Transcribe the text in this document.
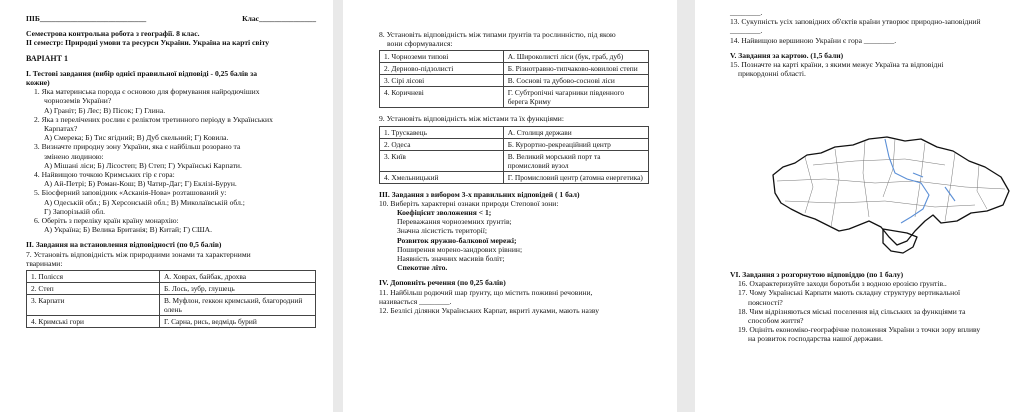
ПІБ____________________________	Клас_______________
Семестрова контрольна робота з географії. 8 клас.
ІІ семестр: Природні умови та ресурси України. Україна на карті світу
ВАРІАНТ 1
І. Тестові завдання (вибір однієї правильної відповіді - 0,25 балів за
кожне)
1. Яка материнська порода є основою для формування найродючіших
чорноземів України?
А) Граніт; Б) Лес; В) Пісок; Г) Глина.
2. Яка з перелічених рослин є реліктом третинного періоду в Українських
Карпатах?
А) Смерека; Б) Тис ягідний; В) Дуб скельний; Г) Ковила.
3. Визначте природну зону України, яка є найбільш розорано та
змінено людиною:
А) Мішані ліси; Б) Лісостеп; В) Степ; Г) Українські Карпати.
4. Найвищою точкою Кримських гір є гора:
А) Ай-Петрі; Б) Роман-Кош; В) Чатир-Даг; Г) Еклізі-Бурун.
5. Біосферний заповідник «Асканія-Нова» розташований у:
А) Одеській обл.; Б) Херсонській обл.; В) Миколаївській обл.;
Г) Запорізькій обл.
6. Оберіть з переліку країн країну монархію:
А) Україна; Б) Велика Британія; В) Китай; Г) США.
ІІ. Завдання на встановлення відповідності (по 0,5 балів)
7. Установіть відповідність між природними зонами та характерними
тваринами:
1. Полісся	А. Ховрах, байбак, дрохва
2. Степ	Б. Лось, зубр, глушець
3. Карпати	В. Муфлон, геккон кримський, благородний олень
4. Кримські гори	Г. Сарна, рись, ведмідь бурий
8. Установіть відповідність між типами ґрунтів та рослинністю, під якою
вони сформувалися:
1. Чорноземи типові	А. Широколисті ліси (бук, граб, дуб)
2. Дерново-підзолисті	Б. Різнотравно-типчаково-ковилові степи
3. Сірі лісові	В. Соснові та дубово-соснові ліси
4. Коричневі	Г. Субтропічні чагарники південного берега Криму
9. Установіть відповідність між містами та їх функціями:
1. Трускавець	А. Столиця держави
2. Одеса	Б. Курортно-рекреаційний центр
3. Київ	В. Великий морський порт та промисловий вузол
4. Хмельницький	Г. Промисловий центр (атомна енергетика)
ІІІ. Завдання з вибором 3-х правильних відповідей ( 1 бал)
10. Виберіть характерні ознаки природи Степової зони:
Коефіцієнт зволоження < 1;
Переважання чорноземних ґрунтів;
Значна лісистість території;
Розвиток яружно-балкової мережі;
Поширення морено-зандрових рівнин;
Наявність значних масивів боліт;
Спекотне літо.
IV. Доповніть речення (по 0,25 балів)
11. Найбільш родючий шар ґрунту, що містить поживні речовини,
називається ________.
12. Безлісі ділянки Українських Карпат, вкриті луками, мають назву
________.
13. Сукупність усіх заповідних об'єктів країни утворює природно-заповідний
________.
14. Найвищою вершиною України є гора ________.
V. Завдання за картою. (1,5 бали)
15. Позначте на карті країни, з якими межує Україна та відповідні
прикордонні області.
VI. Завдання з розгорнутою відповіддю (по 1 балу)
16. Охарактеризуйте заходи боротьби з водною ерозією ґрунтів..
17. Чому Українські Карпати мають складну структуру вертикальної
поясності?
18. Чим відрізняються міські поселення від сільських за функціями та
способом життя?
19. Оцініть економіко-географічне положення України з точки зору впливу
на розвиток господарства нашої держави.
